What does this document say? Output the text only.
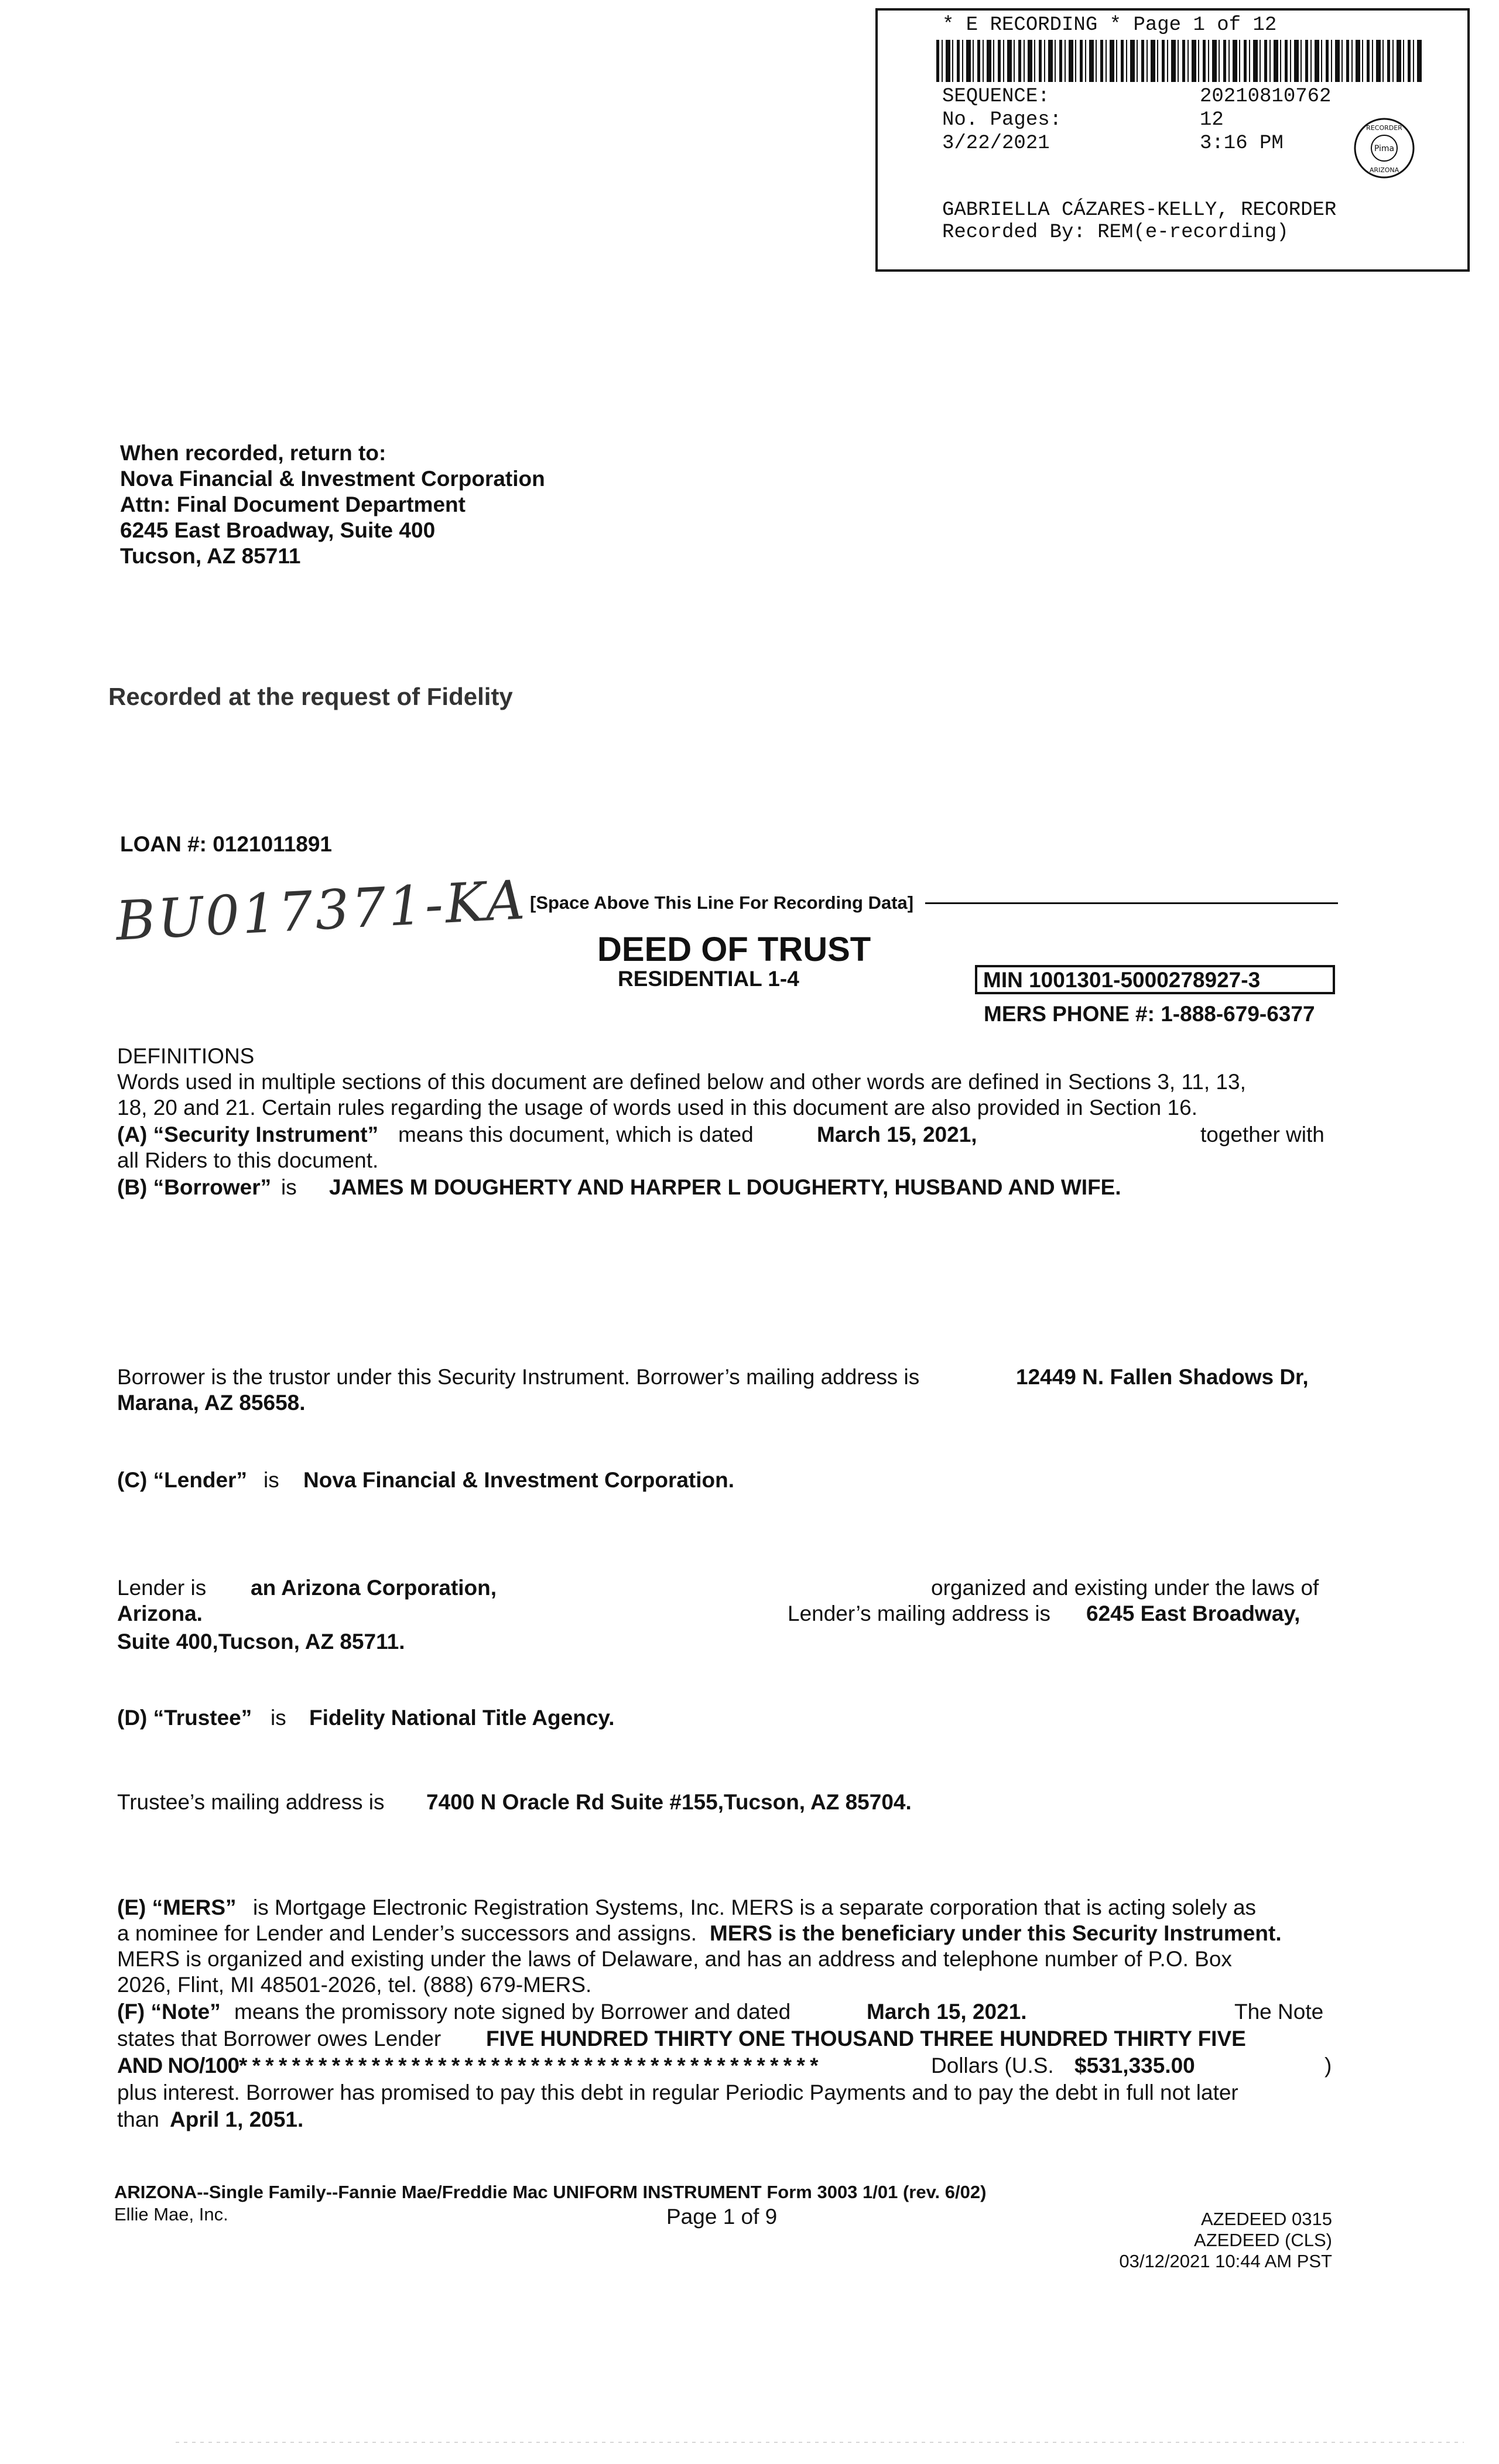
* E RECORDING * Page 1 of 12
SEQUENCE:	20210810762
No. Pages:	12
3/22/2021	3:16 PM	Pima
RECORDER
ARIZONA
GABRIELLA CÁZARES-KELLY, RECORDER
Recorded By: REM(e-recording)
When recorded, return to:
Nova Financial & Investment Corporation
Attn: Final Document Department
6245 East Broadway, Suite 400
Tucson, AZ 85711
Recorded at the request of Fidelity
LOAN #: 0121011891
BU017371-KA [Space Above This Line For Recording Data]
DEED OF TRUST
RESIDENTIAL 1-4	MIN 1001301-5000278927-3
MERS PHONE #: 1-888-679-6377
DEFINITIONS
Words used in multiple sections of this document are defined below and other words are defined in Sections 3, 11, 13,
18, 20 and 21. Certain rules regarding the usage of words used in this document are also provided in Section 16.
(A) “Security Instrument” means this document, which is dated	March 15, 2021,	together with
all Riders to this document.
(B) “Borrower” is JAMES M DOUGHERTY AND HARPER L DOUGHERTY, HUSBAND AND WIFE.
Borrower is the trustor under this Security Instrument. Borrower’s mailing address is	12449 N. Fallen Shadows Dr,
Marana, AZ 85658.
(C) “Lender” is Nova Financial & Investment Corporation.
Lender is an Arizona Corporation,	organized and existing under the laws of
Arizona.	Lender’s mailing address is 6245 East Broadway,
Suite 400,Tucson, AZ 85711.
(D) “Trustee” is Fidelity National Title Agency.
Trustee’s mailing address is 7400 N Oracle Rd Suite #155,Tucson, AZ 85704.
(E) “MERS” is Mortgage Electronic Registration Systems, Inc. MERS is a separate corporation that is acting solely as
a nominee for Lender and Lender’s successors and assigns. MERS is the beneficiary under this Security Instrument.
MERS is organized and existing under the laws of Delaware, and has an address and telephone number of P.O. Box
2026, Flint, MI 48501-2026, tel. (888) 679-MERS.
(F) “Note” means the promissory note signed by Borrower and dated	March 15, 2021.	The Note
states that Borrower owes Lender FIVE HUNDRED THIRTY ONE THOUSAND THREE HUNDRED THIRTY FIVE
AND NO/100* * * * * * * * * * * * * * * * * * * * * * * * * * * * * * * * * * * * * * * * * * * *	Dollars (U.S. $531,335.00	)
plus interest. Borrower has promised to pay this debt in regular Periodic Payments and to pay the debt in full not later
than April 1, 2051.
ARIZONA--Single Family--Fannie Mae/Freddie Mac UNIFORM INSTRUMENT Form 3003 1/01 (rev. 6/02)
Ellie Mae, Inc.	Page 1 of 9	AZEDEED 0315
AZEDEED (CLS)
03/12/2021 10:44 AM PST
